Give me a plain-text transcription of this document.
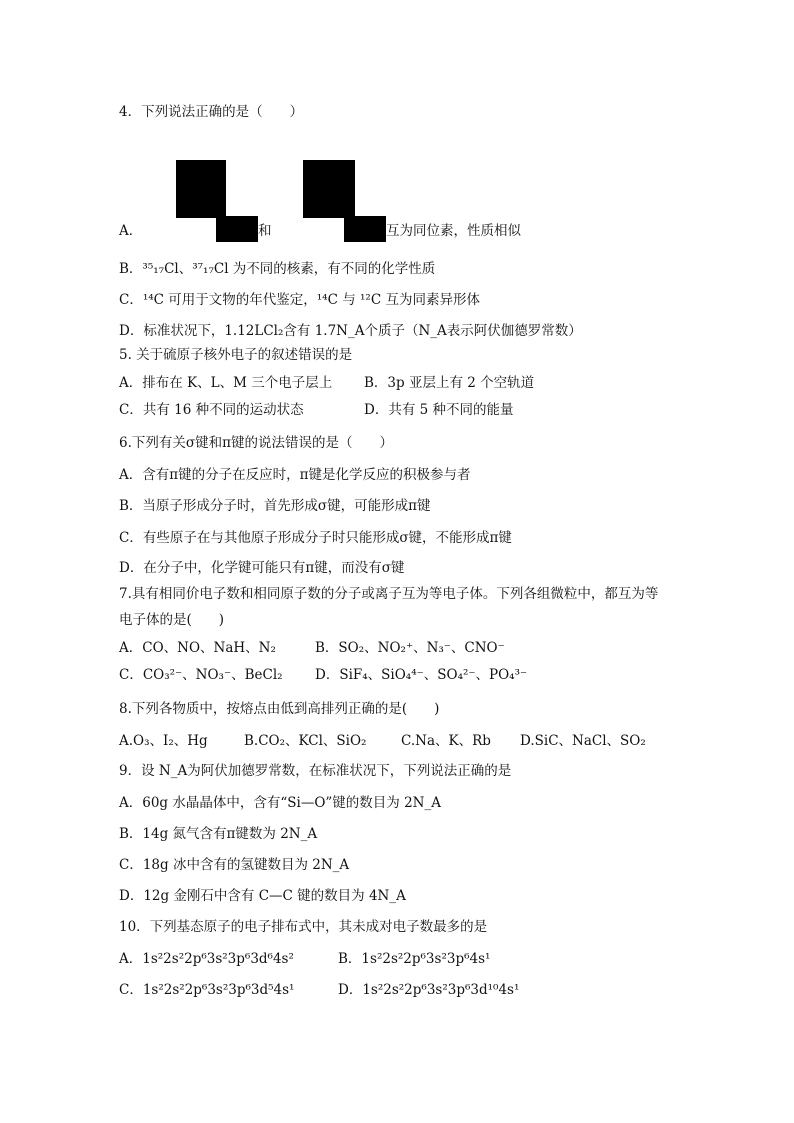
4．下列说法正确的是（　　）
A．	和	互为同位素，性质相似
B．³⁵₁₇Cl、³⁷₁₇Cl 为不同的核素，有不同的化学性质
C．¹⁴C 可用于文物的年代鉴定，¹⁴C 与 ¹²C 互为同素异形体
D．标准状况下，1.12LCl₂含有 1.7N_A个质子（N_A表示阿伏伽德罗常数）
5. 关于硫原子核外电子的叙述错误的是
A．排布在 K、L、M 三个电子层上 B．3p 亚层上有 2 个空轨道
C．共有 16 种不同的运动状态	D．共有 5 种不同的能量
6.下列有关σ键和π键的说法错误的是（　　）
A．含有π键的分子在反应时，π键是化学反应的积极参与者
B．当原子形成分子时，首先形成σ键，可能形成π键
C．有些原子在与其他原子形成分子时只能形成σ键，不能形成π键
D．在分子中，化学键可能只有π键，而没有σ键
7.具有相同价电子数和相同原子数的分子或离子互为等电子体。下列各组微粒中，都互为等
电子体的是(　　)
A．CO、NO、NaH、N₂	B．SO₂、NO₂⁺、N₃⁻、CNO⁻
C．CO₃²⁻、NO₃⁻、BeCl₂ D．SiF₄、SiO₄⁴⁻、SO₄²⁻、PO₄³⁻
8.下列各物质中，按熔点由低到高排列正确的是(　　)
A.O₃、I₂、Hg	B.CO₂、KCl、SiO₂	C.Na、K、Rb D.SiC、NaCl、SO₂
9．设 N_A为阿伏加德罗常数，在标准状况下，下列说法正确的是
A．60g 水晶晶体中，含有“Si—O”键的数目为 2N_A
B．14g 氮气含有π键数为 2N_A
C．18g 冰中含有的氢键数目为 2N_A
D．12g 金刚石中含有 C—C 键的数目为 4N_A
10．下列基态原子的电子排布式中，其未成对电子数最多的是
A．1s²2s²2p⁶3s²3p⁶3d⁶4s²	B．1s²2s²2p⁶3s²3p⁶4s¹
C．1s²2s²2p⁶3s²3p⁶3d⁵4s¹	D．1s²2s²2p⁶3s²3p⁶3d¹⁰4s¹
